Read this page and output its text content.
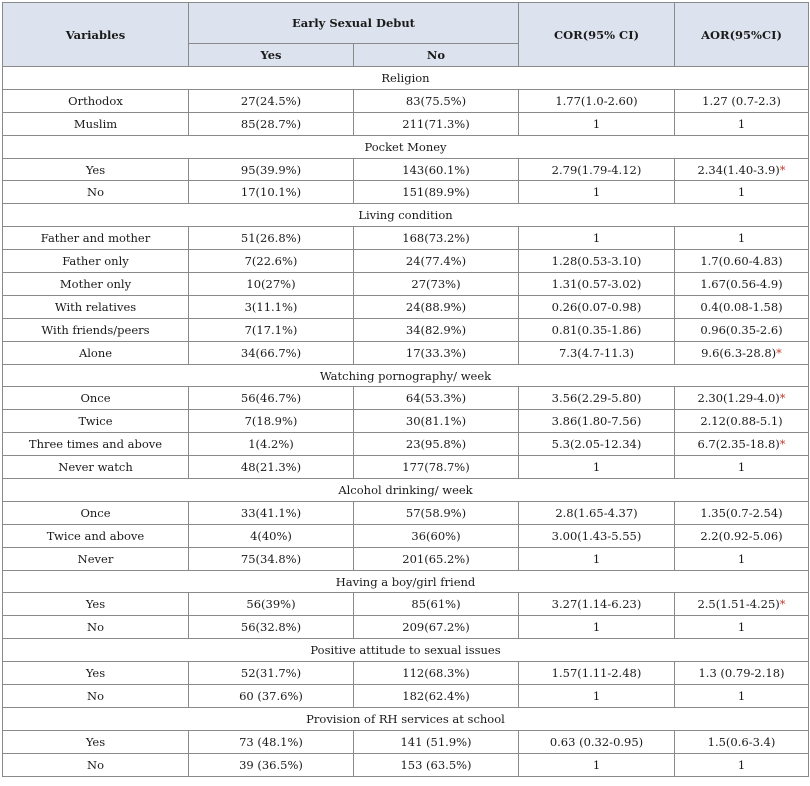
Variables	Early Sexual Debut		COR(95% CI)	AOR(95%CI)
	Yes	No		
Religion				
Orthodox	27(24.5%)	83(75.5%)	1.77(1.0-2.60)	1.27 (0.7-2.3)
Muslim	85(28.7%)	211(71.3%)	1	1
Pocket Money				
Yes	95(39.9%)	143(60.1%)	2.79(1.79-4.12)	2.34(1.40-3.9)*
No	17(10.1%)	151(89.9%)	1	1
Living condition				
Father and mother	51(26.8%)	168(73.2%)	1	1
Father only	7(22.6%)	24(77.4%)	1.28(0.53-3.10)	1.7(0.60-4.83)
Mother only	10(27%)	27(73%)	1.31(0.57-3.02)	1.67(0.56-4.9)
With relatives	3(11.1%)	24(88.9%)	0.26(0.07-0.98)	0.4(0.08-1.58)
With friends/peers	7(17.1%)	34(82.9%)	0.81(0.35-1.86)	0.96(0.35-2.6)
Alone	34(66.7%)	17(33.3%)	7.3(4.7-11.3)	9.6(6.3-28.8)*
Watching pornography/ week				
Once	56(46.7%)	64(53.3%)	3.56(2.29-5.80)	2.30(1.29-4.0)*
Twice	7(18.9%)	30(81.1%)	3.86(1.80-7.56)	2.12(0.88-5.1)
Three times and above	1(4.2%)	23(95.8%)	5.3(2.05-12.34)	6.7(2.35-18.8)*
Never watch	48(21.3%)	177(78.7%)	1	1
Alcohol drinking/ week				
Once	33(41.1%)	57(58.9%)	2.8(1.65-4.37)	1.35(0.7-2.54)
Twice and above	4(40%)	36(60%)	3.00(1.43-5.55)	2.2(0.92-5.06)
Never	75(34.8%)	201(65.2%)	1	1
Having a boy/girl friend				
Yes	56(39%)	85(61%)	3.27(1.14-6.23)	2.5(1.51-4.25)*
No	56(32.8%)	209(67.2%)	1	1
Positive attitude to sexual issues				
Yes	52(31.7%)	112(68.3%)	1.57(1.11-2.48)	1.3 (0.79-2.18)
No	60 (37.6%)	182(62.4%)	1	1
Provision of RH services at school				
Yes	73 (48.1%)	141 (51.9%)	0.63 (0.32-0.95)	1.5(0.6-3.4)
No	39 (36.5%)	153 (63.5%)	1	1
